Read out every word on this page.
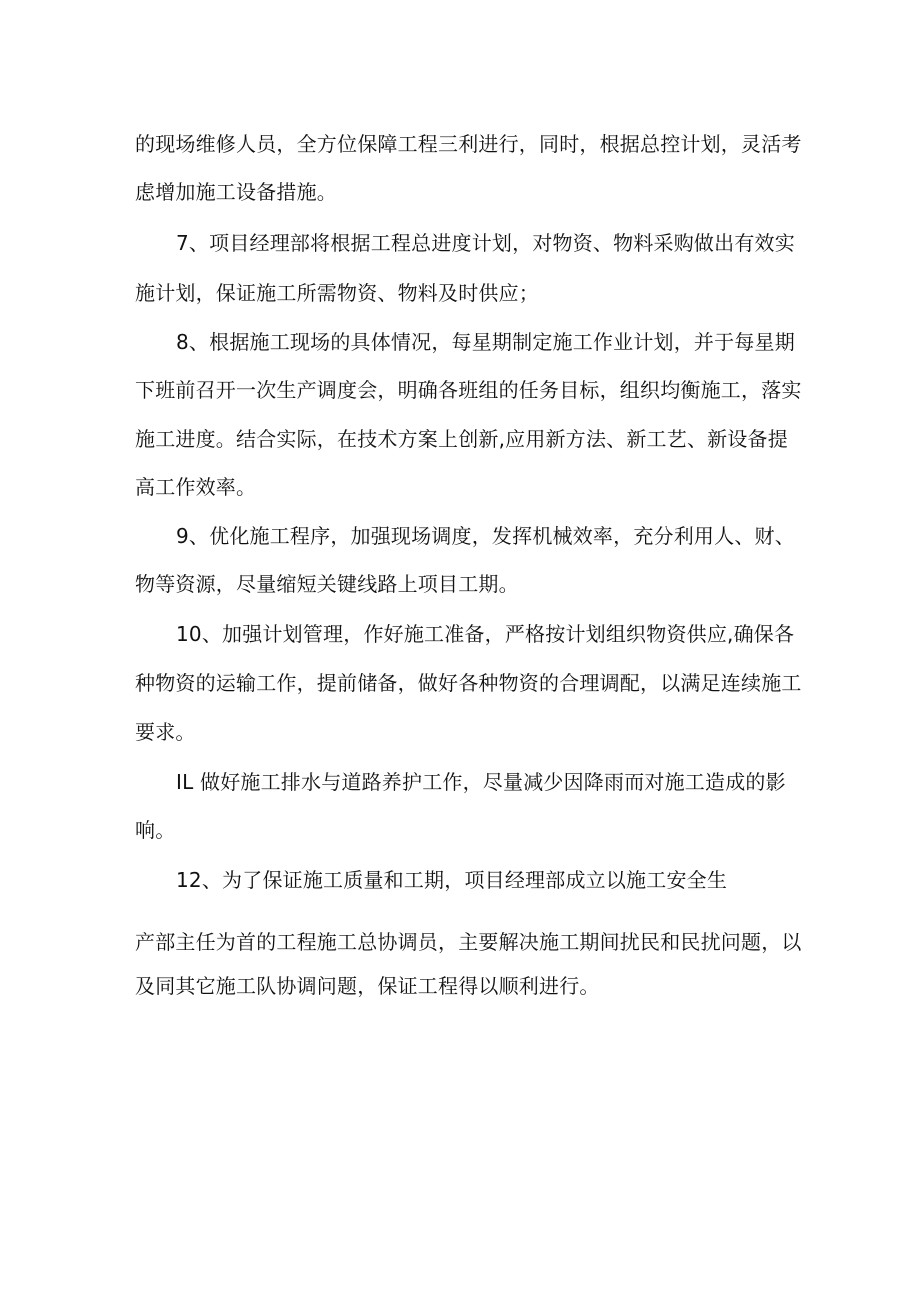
的现场维修人员，全方位保障工程三利进行，同时，根据总控计划，灵活考
虑增加施工设备措施。
7、项目经理部将根据工程总进度计划，对物资、物料采购做出有效实
施计划，保证施工所需物资、物料及时供应；
8、根据施工现场的具体情况，每星期制定施工作业计划，并于每星期
下班前召开一次生产调度会，明确各班组的任务目标，组织均衡施工，落实
施工进度。结合实际，在技术方案上创新,应用新方法、新工艺、新设备提
高工作效率。
9、优化施工程序，加强现场调度，发挥机械效率，充分利用人、财、
物等资源，尽量缩短关键线路上项目工期。
10、加强计划管理，作好施工准备，严格按计划组织物资供应,确保各
种物资的运输工作，提前储备，做好各种物资的合理调配，以满足连续施工
要求。
IL 做好施工排水与道路养护工作，尽量减少因降雨而对施工造成的影
响。
12、为了保证施工质量和工期，项目经理部成立以施工安全生
产部主任为首的工程施工总协调员，主要解决施工期间扰民和民扰问题，以
及同其它施工队协调问题，保证工程得以顺利进行。
